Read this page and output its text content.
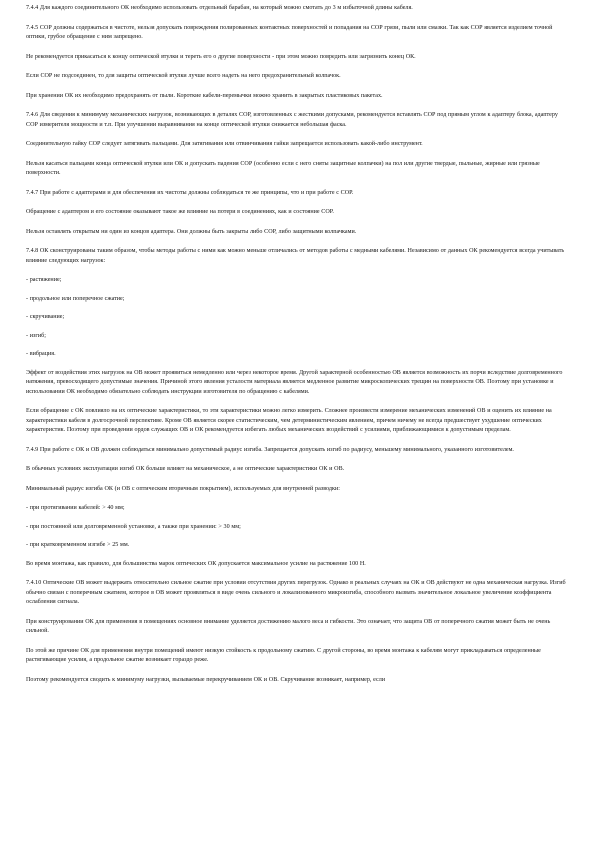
7.4.4 Для каждого соединительного ОК необходимо использовать отдельный барабан, на который можно смотать до 3 м избыточной длины кабеля.

7.4.5 СОР должны содержаться в чистоте, нельзя допускать повреждения полированных контактных поверхностей и попадания на СОР грязи, пыли или смазки. Так как СОР является изделием точной оптики, грубое обращение с ним запрещено.

Не рекомендуется прикасаться к концу оптической втулки и тереть его о другие поверхности - при этом можно повредить или загрязнить конец ОК.

Если СОР не подсоединен, то для защиты оптической втулки лучше всего надеть на него предохранительный колпачок.

При хранении ОК их необходимо предохранять от пыли. Короткие кабели-перемычки можно хранить в закрытых пластиковых пакетах.

7.4.6 Для сведения к минимуму механических нагрузок, возникающих в деталях СОР, изготовленных с жесткими допусками, рекомендуется вставлять СОР под прямым углом к адаптеру блока, адаптеру СОР измерителя мощности и т.п. При улучшении выравнивания на конце оптической втулки снижается небольшая фаска.

Соединительную гайку СОР следует затягивать пальцами. Для затягивания или отвинчивания гайки запрещается использовать какой-либо инструмент.

Нельзя касаться пальцами конца оптической втулки или ОК и допускать падения СОР (особенно если с него сняты защитные колпачки) на пол или другие твердые, пыльные, жирные или грязные поверхности.

7.4.7 При работе с адаптерами и для обеспечения их чистоты должны соблюдаться те же принципы, что и при работе с СОР.

Обращение с адаптером и его состояние оказывают такое же влияние на потери в соединениях, как и состояние СОР.

Нельзя оставлять открытым ни один из концов адаптера. Они должны быть закрыты либо СОР, либо защитными колпачками.

7.4.8 ОК сконструированы таким образом, чтобы методы работы с ними как можно меньше отличались от методов работы с медными кабелями. Независимо от данных ОК рекомендуется всегда учитывать влияние следующих нагрузок:

- растяжение;

- продольное или поперечное сжатие;

- скручивание;

- изгиб;

- вибрация.

Эффект от воздействия этих нагрузок на ОВ может проявиться немедленно или через некоторое время. Другой характерной особенностью ОВ является возможность их порчи вследствие долговременного натяжения, превосходящего допустимые значения. Причиной этого явления усталости материала является медленное развитие микроскопических трещин на поверхности ОВ. Поэтому при установке и использовании ОК необходимо обязательно соблюдать инструкции изготовителя по обращению с кабелями.

Если обращение с ОК повлияло на их оптические характеристики, то эти характеристики можно легко измерить. Сложнее произвести измерение механических изменений ОВ и оценить их влияние на характеристики кабеля в долгосрочной перспективе. Кроме ОВ является скорее статистическим, чем детерминистическим явлением, причем ничему не всегда предшествует ухудшение оптических характеристик. Поэтому при проведении ордов служащих ОВ и ОК рекомендуется избегать любых механических воздействий с усилиями, приближающимися к допустимым пределам.

7.4.9 При работе с ОК и ОВ должен соблюдаться минимально допустимый радиус изгиба. Запрещается допускать изгиб по радиусу, меньшему минимального, указанного изготовителем.

В обычных условиях эксплуатации изгиб ОК больше влияет на механическое, а не оптические характеристики ОК и ОВ.

Минимальный радиус изгиба ОК (и ОВ с оптическим вторичным покрытием), используемых для внутренней разводки:

- при протягивании кабелей: > 40 мм;

- при постоянной или долговременной установке, а также при хранении: > 30 мм;

- при кратковременном изгибе > 25 мм.

Во время монтажа, как правило, для большинства марок оптических ОК допускается максимальное усилие на растяжение 100 Н.

7.4.10 Оптические ОВ может выдержать относительно сильное сжатие при условии отсутствия других перегрузок. Однако в реальных случаях на ОК и ОВ действуют не одна механическая нагрузка. Изгиб обычно связан с поперечным сжатием, которое в ОВ может проявляться в виде очень сильного и локализованного микроизгиба, способного вызвать значительное локальное увеличение коэффициента ослабления сигнала.

При конструировании ОК для применения в помещениях основное внимание уделяется достижению малого веса и гибкости. Это означает, что защита ОВ от поперечного сжатия может быть не очень сильной.

По этой же причине ОК для применения внутри помещений имеют низкую стойкость к продольному сжатию. С другой стороны, во время монтажа к кабелям могут прикладываться определенные растягивающие усилия, а продольное сжатие возникает гораздо реже.

Поэтому рекомендуется сводить к минимуму нагрузки, вызываемые перекручиванием ОК и ОВ. Скручивание возникает, например, если
